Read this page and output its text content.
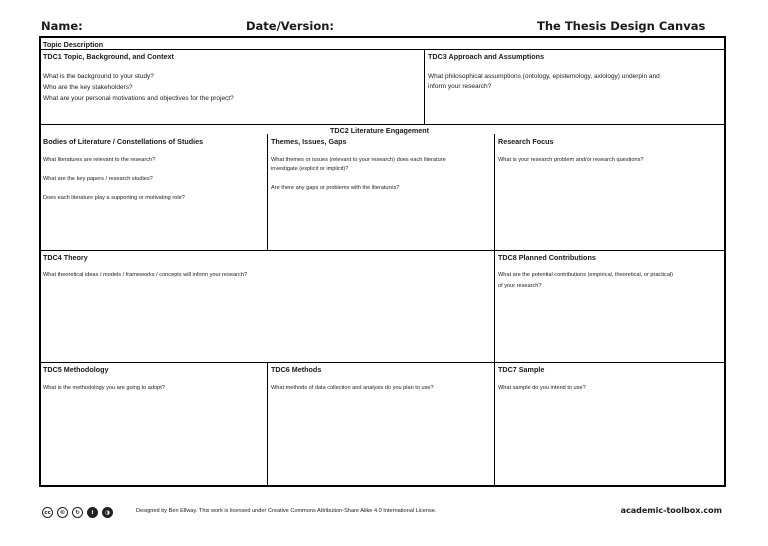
Name:	Date/Version:	The Thesis Design Canvas
Topic Description
TDC1 Topic, Background, and Context
What is the background to your study?
Who are the key stakeholders?
What are your personal motivations and objectives for the project?
TDC3 Approach and Assumptions
What philosophical assumptions (ontology, epistemology, axiology) underpin and
inform your research?
TDC2 Literature Engagement
Bodies of Literature / Constellations of Studies
What literatures are relevant to the research?
What are the key papers / research studies?
Does each literature play a supporting or motivating role?
Themes, Issues, Gaps
What themes or issues (relevant to your research) does each literature
investigate (explicit or implicit)?
Are there any gaps or problems with the literatures?
Research Focus
What is your research problem and/or research questions?
TDC4 Theory
What theoretical ideas / models / frameworks / concepts will inform your research?
TDC8 Planned Contributions
What are the potential contributions (empirical, theoretical, or practical)
of your research?
TDC5 Methodology
What is the methodology you are going to adopt?
TDC6 Methods
What methods of data collection and analysis do you plan to use?
TDC7 Sample
What sample do you intend to use?
cc	©	↻	i	◑	Designed by Ben Ellway. This work is licensed under Creative Commons Attribution-Share Alike 4.0 International License.	academic-toolbox.com
